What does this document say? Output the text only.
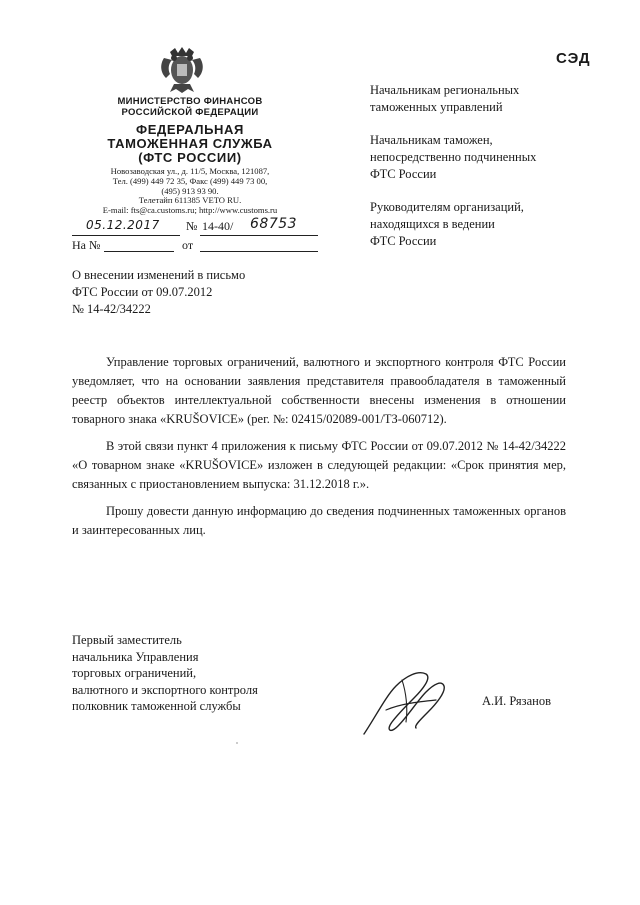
СЭД
МИНИСТЕРСТВО ФИНАНСОВ
РОССИЙСКОЙ ФЕДЕРАЦИИ
ФЕДЕРАЛЬНАЯ
ТАМОЖЕННАЯ СЛУЖБА
(ФТС РОССИИ)
Новозаводская ул., д. 11/5, Москва, 121087,
Тел. (499) 449 72 35, Факс (499) 449 73 00,
(495) 913 93 90.
Телетайп 611385 VETO RU.
E-mail: fts@ca.customs.ru; http://www.customs.ru
05.12.2017 № 14-40/ 68753
На №	от
Начальникам региональных
таможенных управлений
Начальникам таможен,
непосредственно подчиненных
ФТС России
Руководителям организаций,
находящихся в ведении
ФТС России
О внесении изменений в письмо
ФТС России от 09.07.2012
№ 14-42/34222

Управление торговых ограничений, валютного и экспортного контроля ФТС России уведомляет, что на основании заявления представителя правообладателя в таможенный реестр объектов интеллектуальной собственности внесены изменения в отношении товарного знака «KRUŠOVICE» (рег. №: 02415/02089-001/ТЗ-060712).

В этой связи пункт 4 приложения к письму ФТС России от 09.07.2012 № 14-42/34222 «О товарном знаке «KRUŠOVICE» изложен в следующей редакции: «Срок принятия мер, связанных с приостановлением выпуска: 31.12.2018 г.».

Прошу довести данную информацию до сведения подчиненных таможенных органов и заинтересованных лиц.

Первый заместитель
начальника Управления
торговых ограничений,
валютного и экспортного контроля
полковник таможенной службы	А.И. Рязанов
